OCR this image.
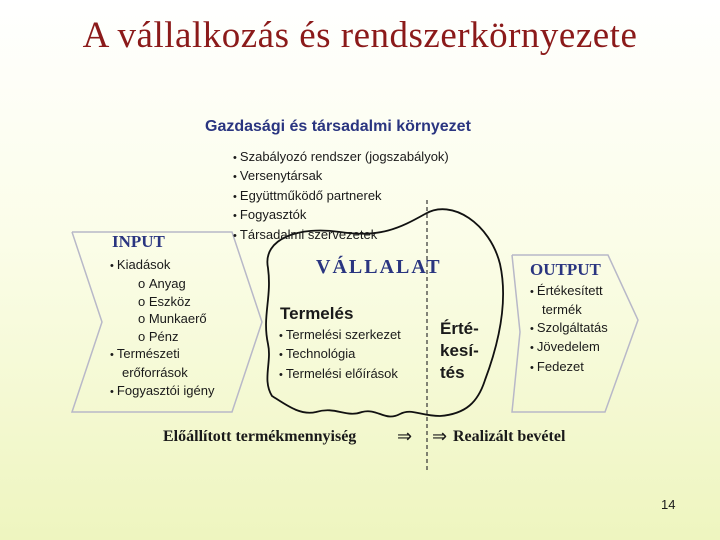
A vállalkozás és rendszerkörnyezete
Gazdasági és társadalmi környezet
• Szabályozó rendszer (jogszabályok)
• Versenytársak
• Együttműködő partnerek
• Fogyasztók
• Társadalmi szervezetek
INPUT
• Kiadások
o Anyag
o Eszköz
o Munkaerő
o Pénz
• Természeti
erőforrások
• Fogyasztói igény
VÁLLALAT
Termelés
• Termelési szerkezet
• Technológia
• Termelési előírások
Érté-
kesí-
tés
OUTPUT
• Értékesített
termék
• Szolgáltatás
• Jövedelem
• Fedezet
Előállított termékmennyiség ⇒ ⇒ Realizált bevétel
14
